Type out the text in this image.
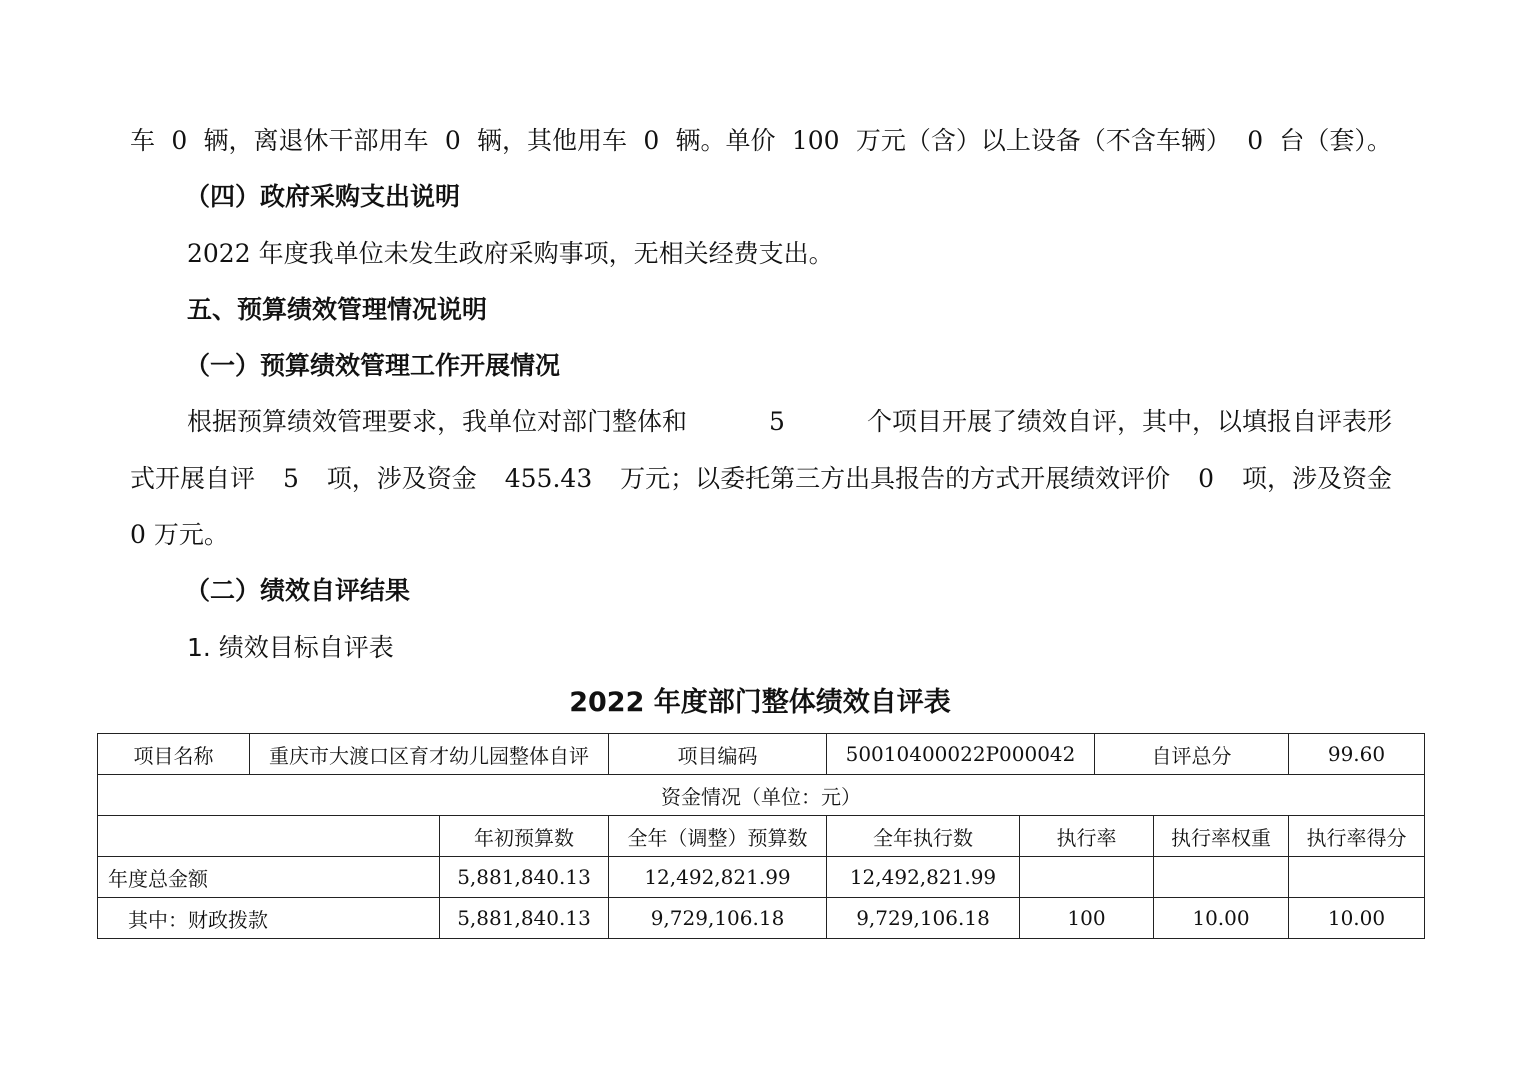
车 0 辆，离退休干部用车 0 辆，其他用车 0 辆。单价 100 万元（含）以上设备（不含车辆） 0 台（套）。
（四）政府采购支出说明
2022 年度我单位未发生政府采购事项，无相关经费支出。
五、预算绩效管理情况说明
（一）预算绩效管理工作开展情况
根据预算绩效管理要求，我单位对部门整体和	5	个项目开展了绩效自评，其中，以填报自评表形
式开展自评 5 项，涉及资金 455.43 万元；以委托第三方出具报告的方式开展绩效评价 0 项，涉及资金
0 万元。
（二）绩效自评结果
1. 绩效目标自评表
2022 年度部门整体绩效自评表
项目名称	重庆市大渡口区育才幼儿园整体自评		项目编码	50010400022P000042		自评总分		99.60
资金情况（单位：元）								
		年初预算数	全年（调整）预算数	全年执行数	执行率		执行率权重	执行率得分
年度总金额		5,881,840.13	12,492,821.99	12,492,821.99				
其中：财政拨款		5,881,840.13	9,729,106.18	9,729,106.18	100		10.00	10.00
